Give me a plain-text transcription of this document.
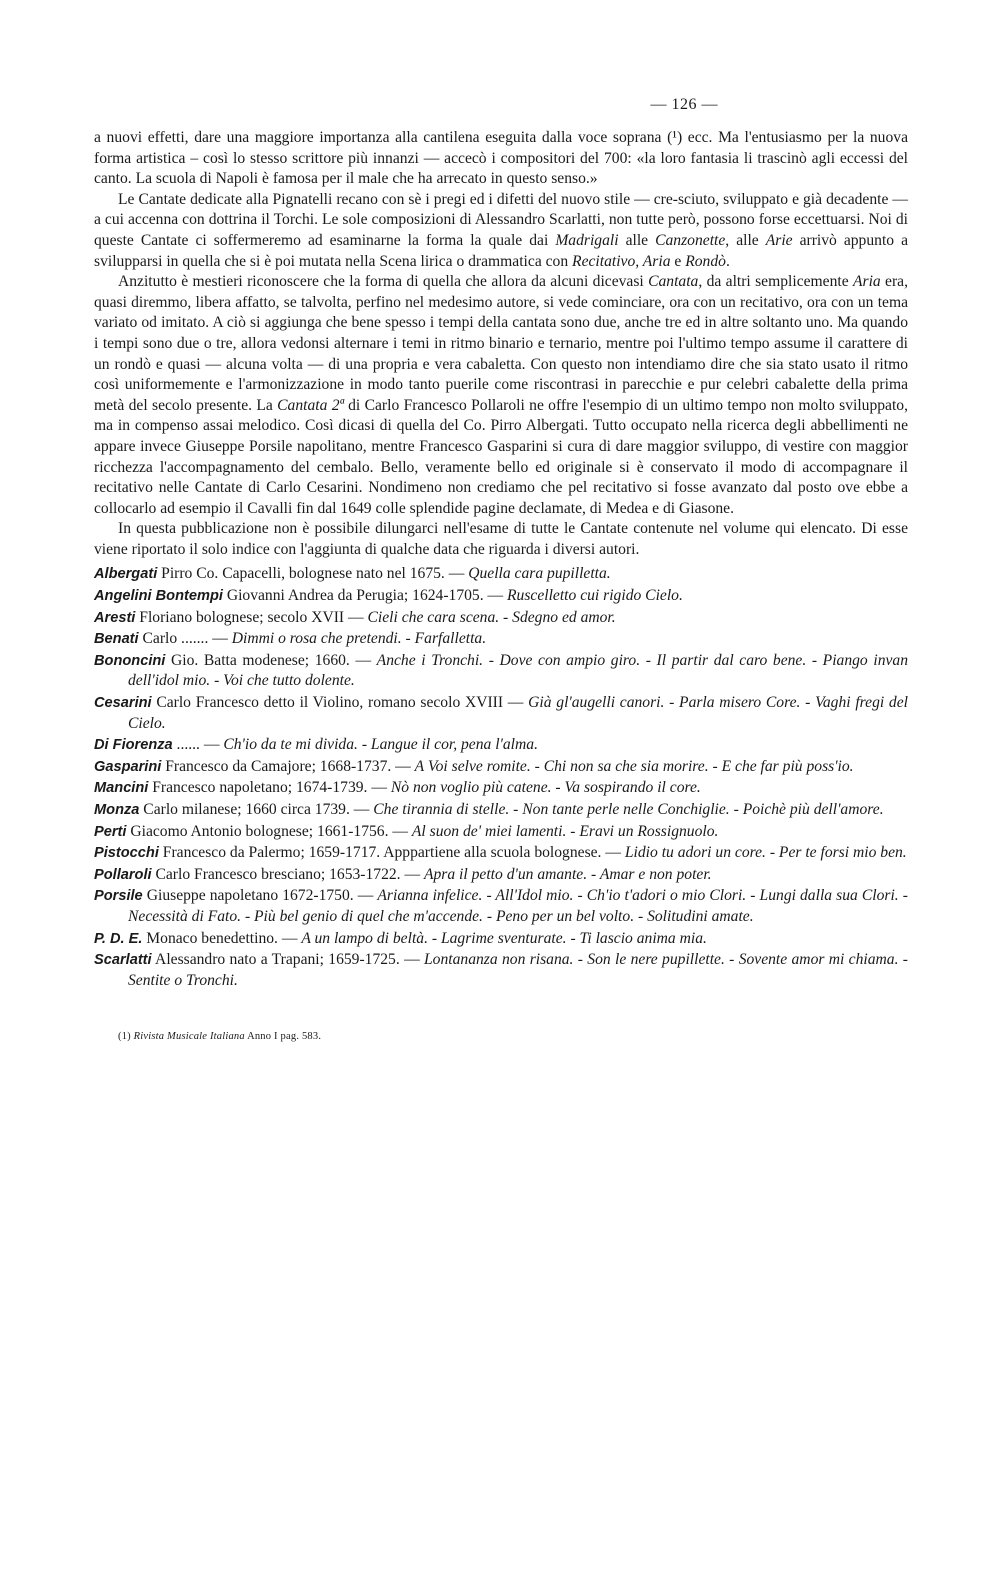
— 126 —

a nuovi effetti, dare una maggiore importanza alla cantilena eseguita dalla voce soprana (¹) ecc. Ma l'entusiasmo per la nuova forma artistica – così lo stesso scrittore più innanzi — accecò i compositori del 700: «la loro fantasia li trascinò agli eccessi del canto. La scuola di Napoli è famosa per il male che ha arrecato in questo senso.»

Le Cantate dedicate alla Pignatelli recano con sè i pregi ed i difetti del nuovo stile — cre-sciuto, sviluppato e già decadente — a cui accenna con dottrina il Torchi. Le sole composizioni di Alessandro Scarlatti, non tutte però, possono forse eccettuarsi. Noi di queste Cantate ci soffermeremo ad esaminarne la forma la quale dai Madrigali alle Canzonette, alle Arie arrivò appunto a svilupparsi in quella che si è poi mutata nella Scena lirica o drammatica con Recitativo, Aria e Rondò.

Anzitutto è mestieri riconoscere che la forma di quella che allora da alcuni dicevasi Cantata, da altri semplicemente Aria era, quasi diremmo, libera affatto, se talvolta, perfino nel medesimo autore, si vede cominciare, ora con un recitativo, ora con un tema variato od imitato. A ciò si aggiunga che bene spesso i tempi della cantata sono due, anche tre ed in altre soltanto uno. Ma quando i tempi sono due o tre, allora vedonsi alternare i temi in ritmo binario e ternario, mentre poi l'ultimo tempo assume il carattere di un rondò e quasi — alcuna volta — di una propria e vera cabaletta. Con questo non intendiamo dire che sia stato usato il ritmo così uniformemente e l'armonizzazione in modo tanto puerile come riscontrasi in parecchie e pur celebri cabalette della prima metà del secolo presente. La Cantata 2ª di Carlo Francesco Pollaroli ne offre l'esempio di un ultimo tempo non molto sviluppato, ma in compenso assai melodico. Così dicasi di quella del Co. Pirro Albergati. Tutto occupato nella ricerca degli abbellimenti ne appare invece Giuseppe Porsile napolitano, mentre Francesco Gasparini si cura di dare maggior sviluppo, di vestire con maggior ricchezza l'accompagnamento del cembalo. Bello, veramente bello ed originale si è conservato il modo di accompagnare il recitativo nelle Cantate di Carlo Cesarini. Nondimeno non crediamo che pel recitativo si fosse avanzato dal posto ove ebbe a collocarlo ad esempio il Cavalli fin dal 1649 colle splendide pagine declamate, di Medea e di Giasone.

In questa pubblicazione non è possibile dilungarci nell'esame di tutte le Cantate contenute nel volume qui elencato. Di esse viene riportato il solo indice con l'aggiunta di qualche data che riguarda i diversi autori.

Albergati Pirro Co. Capacelli, bolognese nato nel 1675. — Quella cara pupilletta.
Angelini Bontempi Giovanni Andrea da Perugia; 1624-1705. — Ruscelletto cui rigido Cielo.
Aresti Floriano bolognese; secolo XVII — Cieli che cara scena. - Sdegno ed amor.
Benati Carlo ....... — Dimmi o rosa che pretendi. - Farfalletta.
Bononcini Gio. Batta modenese; 1660. — Anche i Tronchi. - Dove con ampio giro. - Il partir dal caro bene. - Piango invan dell'idol mio. - Voi che tutto dolente.
Cesarini Carlo Francesco detto il Violino, romano secolo XVIII — Già gl'augelli canori. - Parla misero Core. - Vaghi fregi del Cielo.
Di Fiorenza ...... — Ch'io da te mi divida. - Langue il cor, pena l'alma.
Gasparini Francesco da Camajore; 1668-1737. — A Voi selve romite. - Chi non sa che sia morire. - E che far più poss'io.
Mancini Francesco napoletano; 1674-1739. — Nò non voglio più catene. - Va sospirando il core.
Monza Carlo milanese; 1660 circa 1739. — Che tirannia di stelle. - Non tante perle nelle Conchiglie. - Poichè più dell'amore.
Perti Giacomo Antonio bolognese; 1661-1756. — Al suon de' miei lamenti. - Eravi un Rossignuolo.
Pistocchi Francesco da Palermo; 1659-1717. Apppartiene alla scuola bolognese. — Lidio tu adori un core. - Per te forsi mio ben.
Pollaroli Carlo Francesco bresciano; 1653-1722. — Apra il petto d'un amante. - Amar e non poter.
Porsile Giuseppe napoletano 1672-1750. — Arianna infelice. - All'Idol mio. - Ch'io t'adori o mio Clori. - Lungi dalla sua Clori. - Necessità di Fato. - Più bel genio di quel che m'accende. - Peno per un bel volto. - Solitudini amate.
P. D. E. Monaco benedettino. — A un lampo di beltà. - Lagrime sventurate. - Ti lascio anima mia.
Scarlatti Alessandro nato a Trapani; 1659-1725. — Lontananza non risana. - Son le nere pupillette. - Sovente amor mi chiama. - Sentite o Tronchi.
(1) Rivista Musicale Italiana Anno I pag. 583.
